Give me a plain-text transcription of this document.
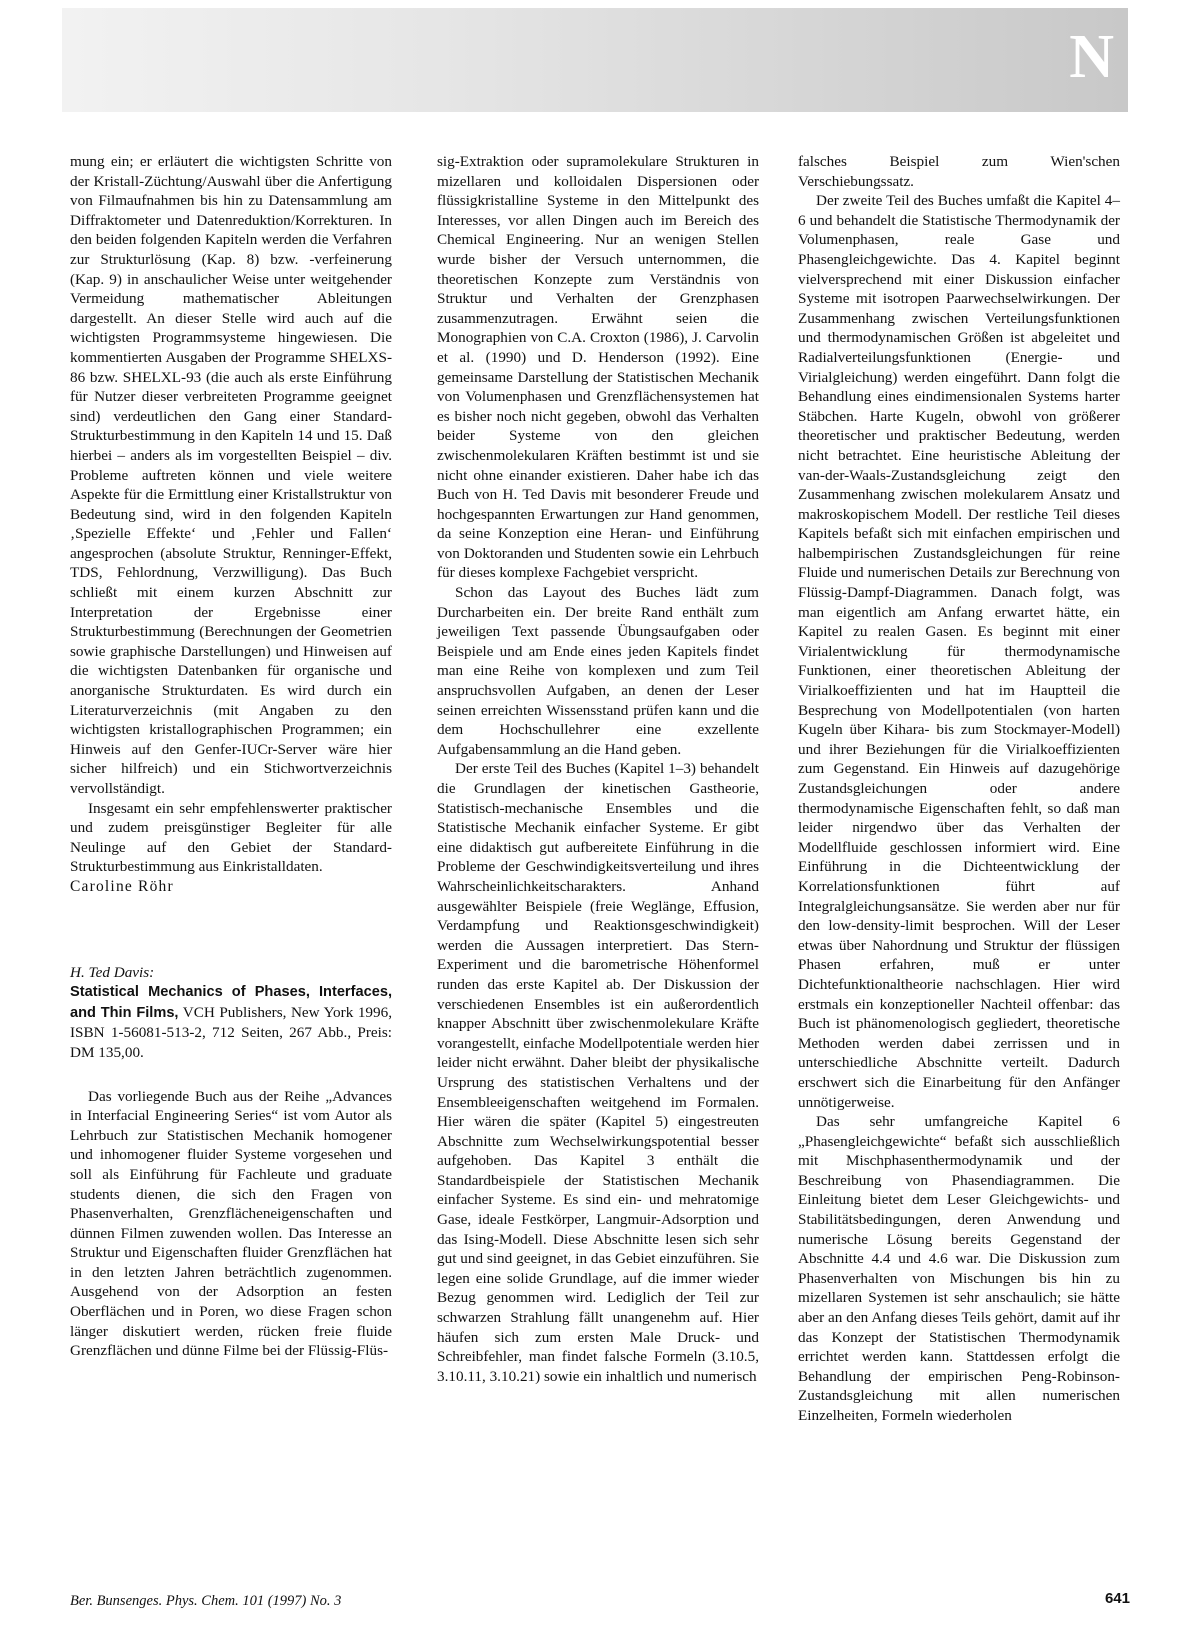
N

mung ein; er erläutert die wichtigsten Schritte von der Kristall-Züchtung/Auswahl über die Anfertigung von Filmaufnahmen bis hin zu Datensammlung am Diffraktometer und Datenreduktion/Korrekturen. In den beiden folgenden Kapiteln werden die Verfahren zur Strukturlösung (Kap. 8) bzw. -verfeinerung (Kap. 9) in anschaulicher Weise unter weitgehender Vermeidung mathematischer Ableitungen dargestellt. An dieser Stelle wird auch auf die wichtigsten Programmsysteme hingewiesen. Die kommentierten Ausgaben der Programme SHELXS-86 bzw. SHELXL-93 (die auch als erste Einführung für Nutzer dieser verbreiteten Programme geeignet sind) verdeutlichen den Gang einer Standard-Strukturbestimmung in den Kapiteln 14 und 15. Daß hierbei – anders als im vorgestellten Beispiel – div. Probleme auftreten können und viele weitere Aspekte für die Ermittlung einer Kristallstruktur von Bedeutung sind, wird in den folgenden Kapiteln ‚Spezielle Effekte‘ und ‚Fehler und Fallen‘ angesprochen (absolute Struktur, Renninger-Effekt, TDS, Fehlordnung, Verzwilligung). Das Buch schließt mit einem kurzen Abschnitt zur Interpretation der Ergebnisse einer Strukturbestimmung (Berechnungen der Geometrien sowie graphische Darstellungen) und Hinweisen auf die wichtigsten Datenbanken für organische und anorganische Strukturdaten. Es wird durch ein Literaturverzeichnis (mit Angaben zu den wichtigsten kristallographischen Programmen; ein Hinweis auf den Genfer-IUCr-Server wäre hier sicher hilfreich) und ein Stichwortverzeichnis vervollständigt.

Insgesamt ein sehr empfehlenswerter praktischer und zudem preisgünstiger Begleiter für alle Neulinge auf den Gebiet der Standard-Strukturbestimmung aus Einkristalldaten.

Caroline Röhr

H. Ted Davis:

Statistical Mechanics of Phases, Interfaces, and Thin Films, VCH Publishers, New York 1996, ISBN 1-56081-513-2, 712 Seiten, 267 Abb., Preis: DM 135,00.

Das vorliegende Buch aus der Reihe „Advances in Interfacial Engineering Series“ ist vom Autor als Lehrbuch zur Statistischen Mechanik homogener und inhomogener fluider Systeme vorgesehen und soll als Einführung für Fachleute und graduate students dienen, die sich den Fragen von Phasenverhalten, Grenzflächeneigenschaften und dünnen Filmen zuwenden wollen. Das Interesse an Struktur und Eigenschaften fluider Grenzflächen hat in den letzten Jahren beträchtlich zugenommen. Ausgehend von der Adsorption an festen Oberflächen und in Poren, wo diese Fragen schon länger diskutiert werden, rücken freie fluide Grenzflächen und dünne Filme bei der Flüssig-Flüs-

sig-Extraktion oder supramolekulare Strukturen in mizellaren und kolloidalen Dispersionen oder flüssigkristalline Systeme in den Mittelpunkt des Interesses, vor allen Dingen auch im Bereich des Chemical Engineering. Nur an wenigen Stellen wurde bisher der Versuch unternommen, die theoretischen Konzepte zum Verständnis von Struktur und Verhalten der Grenzphasen zusammenzutragen. Erwähnt seien die Monographien von C.A. Croxton (1986), J. Carvolin et al. (1990) und D. Henderson (1992). Eine gemeinsame Darstellung der Statistischen Mechanik von Volumenphasen und Grenzflächensystemen hat es bisher noch nicht gegeben, obwohl das Verhalten beider Systeme von den gleichen zwischenmolekularen Kräften bestimmt ist und sie nicht ohne einander existieren. Daher habe ich das Buch von H. Ted Davis mit besonderer Freude und hochgespannten Erwartungen zur Hand genommen, da seine Konzeption eine Heran- und Einführung von Doktoranden und Studenten sowie ein Lehrbuch für dieses komplexe Fachgebiet verspricht.

Schon das Layout des Buches lädt zum Durcharbeiten ein. Der breite Rand enthält zum jeweiligen Text passende Übungsaufgaben oder Beispiele und am Ende eines jeden Kapitels findet man eine Reihe von komplexen und zum Teil anspruchsvollen Aufgaben, an denen der Leser seinen erreichten Wissensstand prüfen kann und die dem Hochschullehrer eine exzellente Aufgabensammlung an die Hand geben.

Der erste Teil des Buches (Kapitel 1–3) behandelt die Grundlagen der kinetischen Gastheorie, Statistisch-mechanische Ensembles und die Statistische Mechanik einfacher Systeme. Er gibt eine didaktisch gut aufbereitete Einführung in die Probleme der Geschwindigkeitsverteilung und ihres Wahrscheinlichkeitscharakters. Anhand ausgewählter Beispiele (freie Weglänge, Effusion, Verdampfung und Reaktionsgeschwindigkeit) werden die Aussagen interpretiert. Das Stern-Experiment und die barometrische Höhenformel runden das erste Kapitel ab. Der Diskussion der verschiedenen Ensembles ist ein außerordentlich knapper Abschnitt über zwischenmolekulare Kräfte vorangestellt, einfache Modellpotentiale werden hier leider nicht erwähnt. Daher bleibt der physikalische Ursprung des statistischen Verhaltens und der Ensembleeigenschaften weitgehend im Formalen. Hier wären die später (Kapitel 5) eingestreuten Abschnitte zum Wechselwirkungspotential besser aufgehoben. Das Kapitel 3 enthält die Standardbeispiele der Statistischen Mechanik einfacher Systeme. Es sind ein- und mehratomige Gase, ideale Festkörper, Langmuir-Adsorption und das Ising-Modell. Diese Abschnitte lesen sich sehr gut und sind geeignet, in das Gebiet einzuführen. Sie legen eine solide Grundlage, auf die immer wieder Bezug genommen wird. Lediglich der Teil zur schwarzen Strahlung fällt unangenehm auf. Hier häufen sich zum ersten Male Druck- und Schreibfehler, man findet falsche Formeln (3.10.5, 3.10.11, 3.10.21) sowie ein inhaltlich und numerisch

falsches Beispiel zum Wien'schen Verschiebungssatz.

Der zweite Teil des Buches umfaßt die Kapitel 4–6 und behandelt die Statistische Thermodynamik der Volumenphasen, reale Gase und Phasengleichgewichte. Das 4. Kapitel beginnt vielversprechend mit einer Diskussion einfacher Systeme mit isotropen Paarwechselwirkungen. Der Zusammenhang zwischen Verteilungsfunktionen und thermodynamischen Größen ist abgeleitet und Radialverteilungsfunktionen (Energie- und Virialgleichung) werden eingeführt. Dann folgt die Behandlung eines eindimensionalen Systems harter Stäbchen. Harte Kugeln, obwohl von größerer theoretischer und praktischer Bedeutung, werden nicht betrachtet. Eine heuristische Ableitung der van-der-Waals-Zustandsgleichung zeigt den Zusammenhang zwischen molekularem Ansatz und makroskopischem Modell. Der restliche Teil dieses Kapitels befaßt sich mit einfachen empirischen und halbempirischen Zustandsgleichungen für reine Fluide und numerischen Details zur Berechnung von Flüssig-Dampf-Diagrammen. Danach folgt, was man eigentlich am Anfang erwartet hätte, ein Kapitel zu realen Gasen. Es beginnt mit einer Virialentwicklung für thermodynamische Funktionen, einer theoretischen Ableitung der Virialkoeffizienten und hat im Hauptteil die Besprechung von Modellpotentialen (von harten Kugeln über Kihara- bis zum Stockmayer-Modell) und ihrer Beziehungen für die Virialkoeffizienten zum Gegenstand. Ein Hinweis auf dazugehörige Zustandsgleichungen oder andere thermodynamische Eigenschaften fehlt, so daß man leider nirgendwo über das Verhalten der Modellfluide geschlossen informiert wird. Eine Einführung in die Dichteentwicklung der Korrelationsfunktionen führt auf Integralgleichungsansätze. Sie werden aber nur für den low-density-limit besprochen. Will der Leser etwas über Nahordnung und Struktur der flüssigen Phasen erfahren, muß er unter Dichtefunktionaltheorie nachschlagen. Hier wird erstmals ein konzeptioneller Nachteil offenbar: das Buch ist phänomenologisch gegliedert, theoretische Methoden werden dabei zerrissen und in unterschiedliche Abschnitte verteilt. Dadurch erschwert sich die Einarbeitung für den Anfänger unnötigerweise.

Das sehr umfangreiche Kapitel 6 „Phasengleichgewichte“ befaßt sich ausschließlich mit Mischphasenthermodynamik und der Beschreibung von Phasendiagrammen. Die Einleitung bietet dem Leser Gleichgewichts- und Stabilitätsbedingungen, deren Anwendung und numerische Lösung bereits Gegenstand der Abschnitte 4.4 und 4.6 war. Die Diskussion zum Phasenverhalten von Mischungen bis hin zu mizellaren Systemen ist sehr anschaulich; sie hätte aber an den Anfang dieses Teils gehört, damit auf ihr das Konzept der Statistischen Thermodynamik errichtet werden kann. Stattdessen erfolgt die Behandlung der empirischen Peng-Robinson-Zustandsgleichung mit allen numerischen Einzelheiten, Formeln wiederholen

Ber. Bunsenges. Phys. Chem. 101 (1997) No. 3	641
